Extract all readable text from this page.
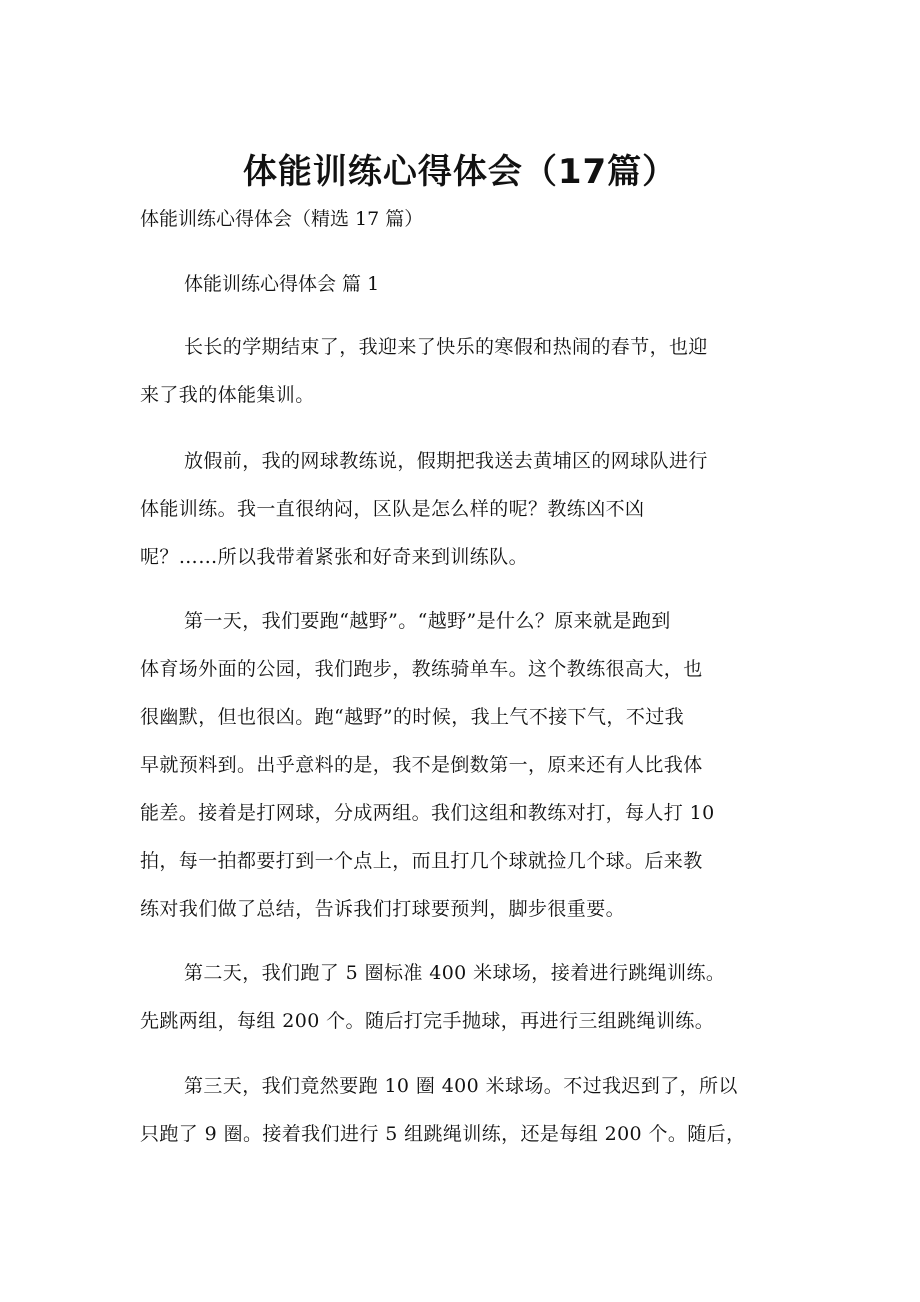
体能训练心得体会（17篇）

体能训练心得体会（精选 17 篇）

体能训练心得体会 篇 1

长长的学期结束了，我迎来了快乐的寒假和热闹的春节，也迎
来了我的体能集训。
放假前，我的网球教练说，假期把我送去黄埔区的网球队进行
体能训练。我一直很纳闷，区队是怎么样的呢？教练凶不凶
呢？……所以我带着紧张和好奇来到训练队。
第一天，我们要跑“越野”。“越野”是什么？原来就是跑到
体育场外面的公园，我们跑步，教练骑单车。这个教练很高大，也
很幽默，但也很凶。跑“越野”的时候，我上气不接下气，不过我
早就预料到。出乎意料的是，我不是倒数第一，原来还有人比我体
能差。接着是打网球，分成两组。我们这组和教练对打，每人打 10
拍，每一拍都要打到一个点上，而且打几个球就捡几个球。后来教
练对我们做了总结，告诉我们打球要预判，脚步很重要。
第二天，我们跑了 5 圈标准 400 米球场，接着进行跳绳训练。
先跳两组，每组 200 个。随后打完手抛球，再进行三组跳绳训练。
第三天，我们竟然要跑 10 圈 400 米球场。不过我迟到了，所以
只跑了 9 圈。接着我们进行 5 组跳绳训练，还是每组 200 个。随后，
